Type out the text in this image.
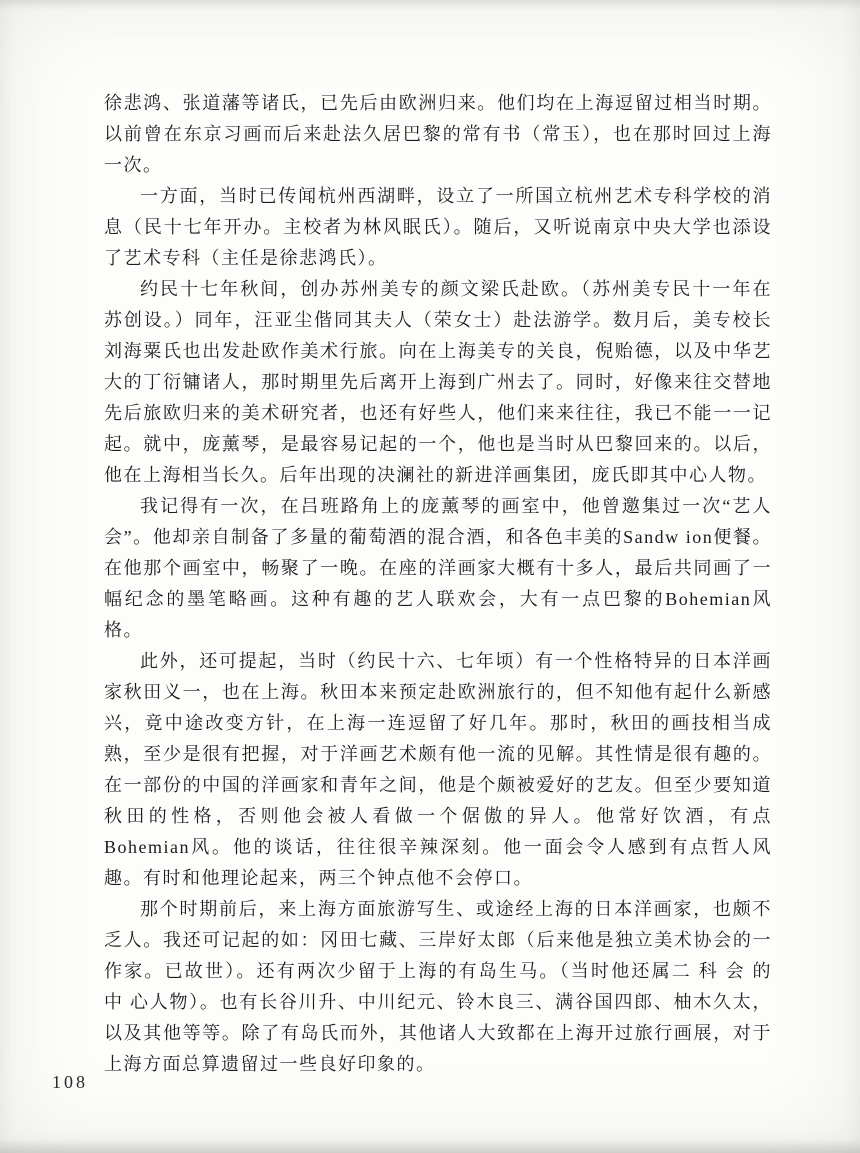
徐悲鸿、张道藩等诸氏，已先后由欧洲归来。他们均在上海逗留过相当时期。以前曾在东京习画而后来赴法久居巴黎的常有书（常玉），也在那时回过上海一次。

一方面，当时已传闻杭州西湖畔，设立了一所国立杭州艺术专科学校的消息（民十七年开办。主校者为林风眠氏）。随后，又听说南京中央大学也添设了艺术专科（主任是徐悲鸿氏）。

约民十七年秋间，创办苏州美专的颜文梁氏赴欧。（苏州美专民十一年在苏创设。）同年，汪亚尘偕同其夫人（荣女士）赴法游学。数月后，美专校长刘海粟氏也出发赴欧作美术行旅。向在上海美专的关良，倪贻德，以及中华艺大的丁衍镛诸人，那时期里先后离开上海到广州去了。同时，好像来往交替地先后旅欧归来的美术研究者，也还有好些人，他们来来往往，我已不能一一记起。就中，庞薰琴，是最容易记起的一个，他也是当时从巴黎回来的。以后，他在上海相当长久。后年出现的决澜社的新进洋画集团，庞氏即其中心人物。

我记得有一次，在吕班路角上的庞薰琴的画室中，他曾邀集过一次“艺人会”。他却亲自制备了多量的葡萄酒的混合酒，和各色丰美的Sandw ion便餐。在他那个画室中，畅聚了一晚。在座的洋画家大概有十多人，最后共同画了一幅纪念的墨笔略画。这种有趣的艺人联欢会，大有一点巴黎的Bohemian风格。

此外，还可提起，当时（约民十六、七年顷）有一个性格特异的日本洋画家秋田义一，也在上海。秋田本来预定赴欧洲旅行的，但不知他有起什么新感兴，竟中途改变方针，在上海一连逗留了好几年。那时，秋田的画技相当成熟，至少是很有把握，对于洋画艺术颇有他一流的见解。其性情是很有趣的。在一部份的中国的洋画家和青年之间，他是个颇被爱好的艺友。但至少要知道秋田的性格，否则他会被人看做一个倨傲的异人。他常好饮酒，有点Bohemian风。他的谈话，往往很辛辣深刻。他一面会令人感到有点哲人风趣。有时和他理论起来，两三个钟点他不会停口。

那个时期前后，来上海方面旅游写生、或途经上海的日本洋画家，也颇不乏人。我还可记起的如：冈田七藏、三岸好太郎（后来他是独立美术协会的一作家。已故世）。还有两次少留于上海的有岛生马。（当时他还属二 科 会 的 中 心人物）。也有长谷川升、中川纪元、铃木良三、满谷国四郎、柚木久太，以及其他等等。除了有岛氏而外，其他诸人大致都在上海开过旅行画展，对于上海方面总算遗留过一些良好印象的。

108
